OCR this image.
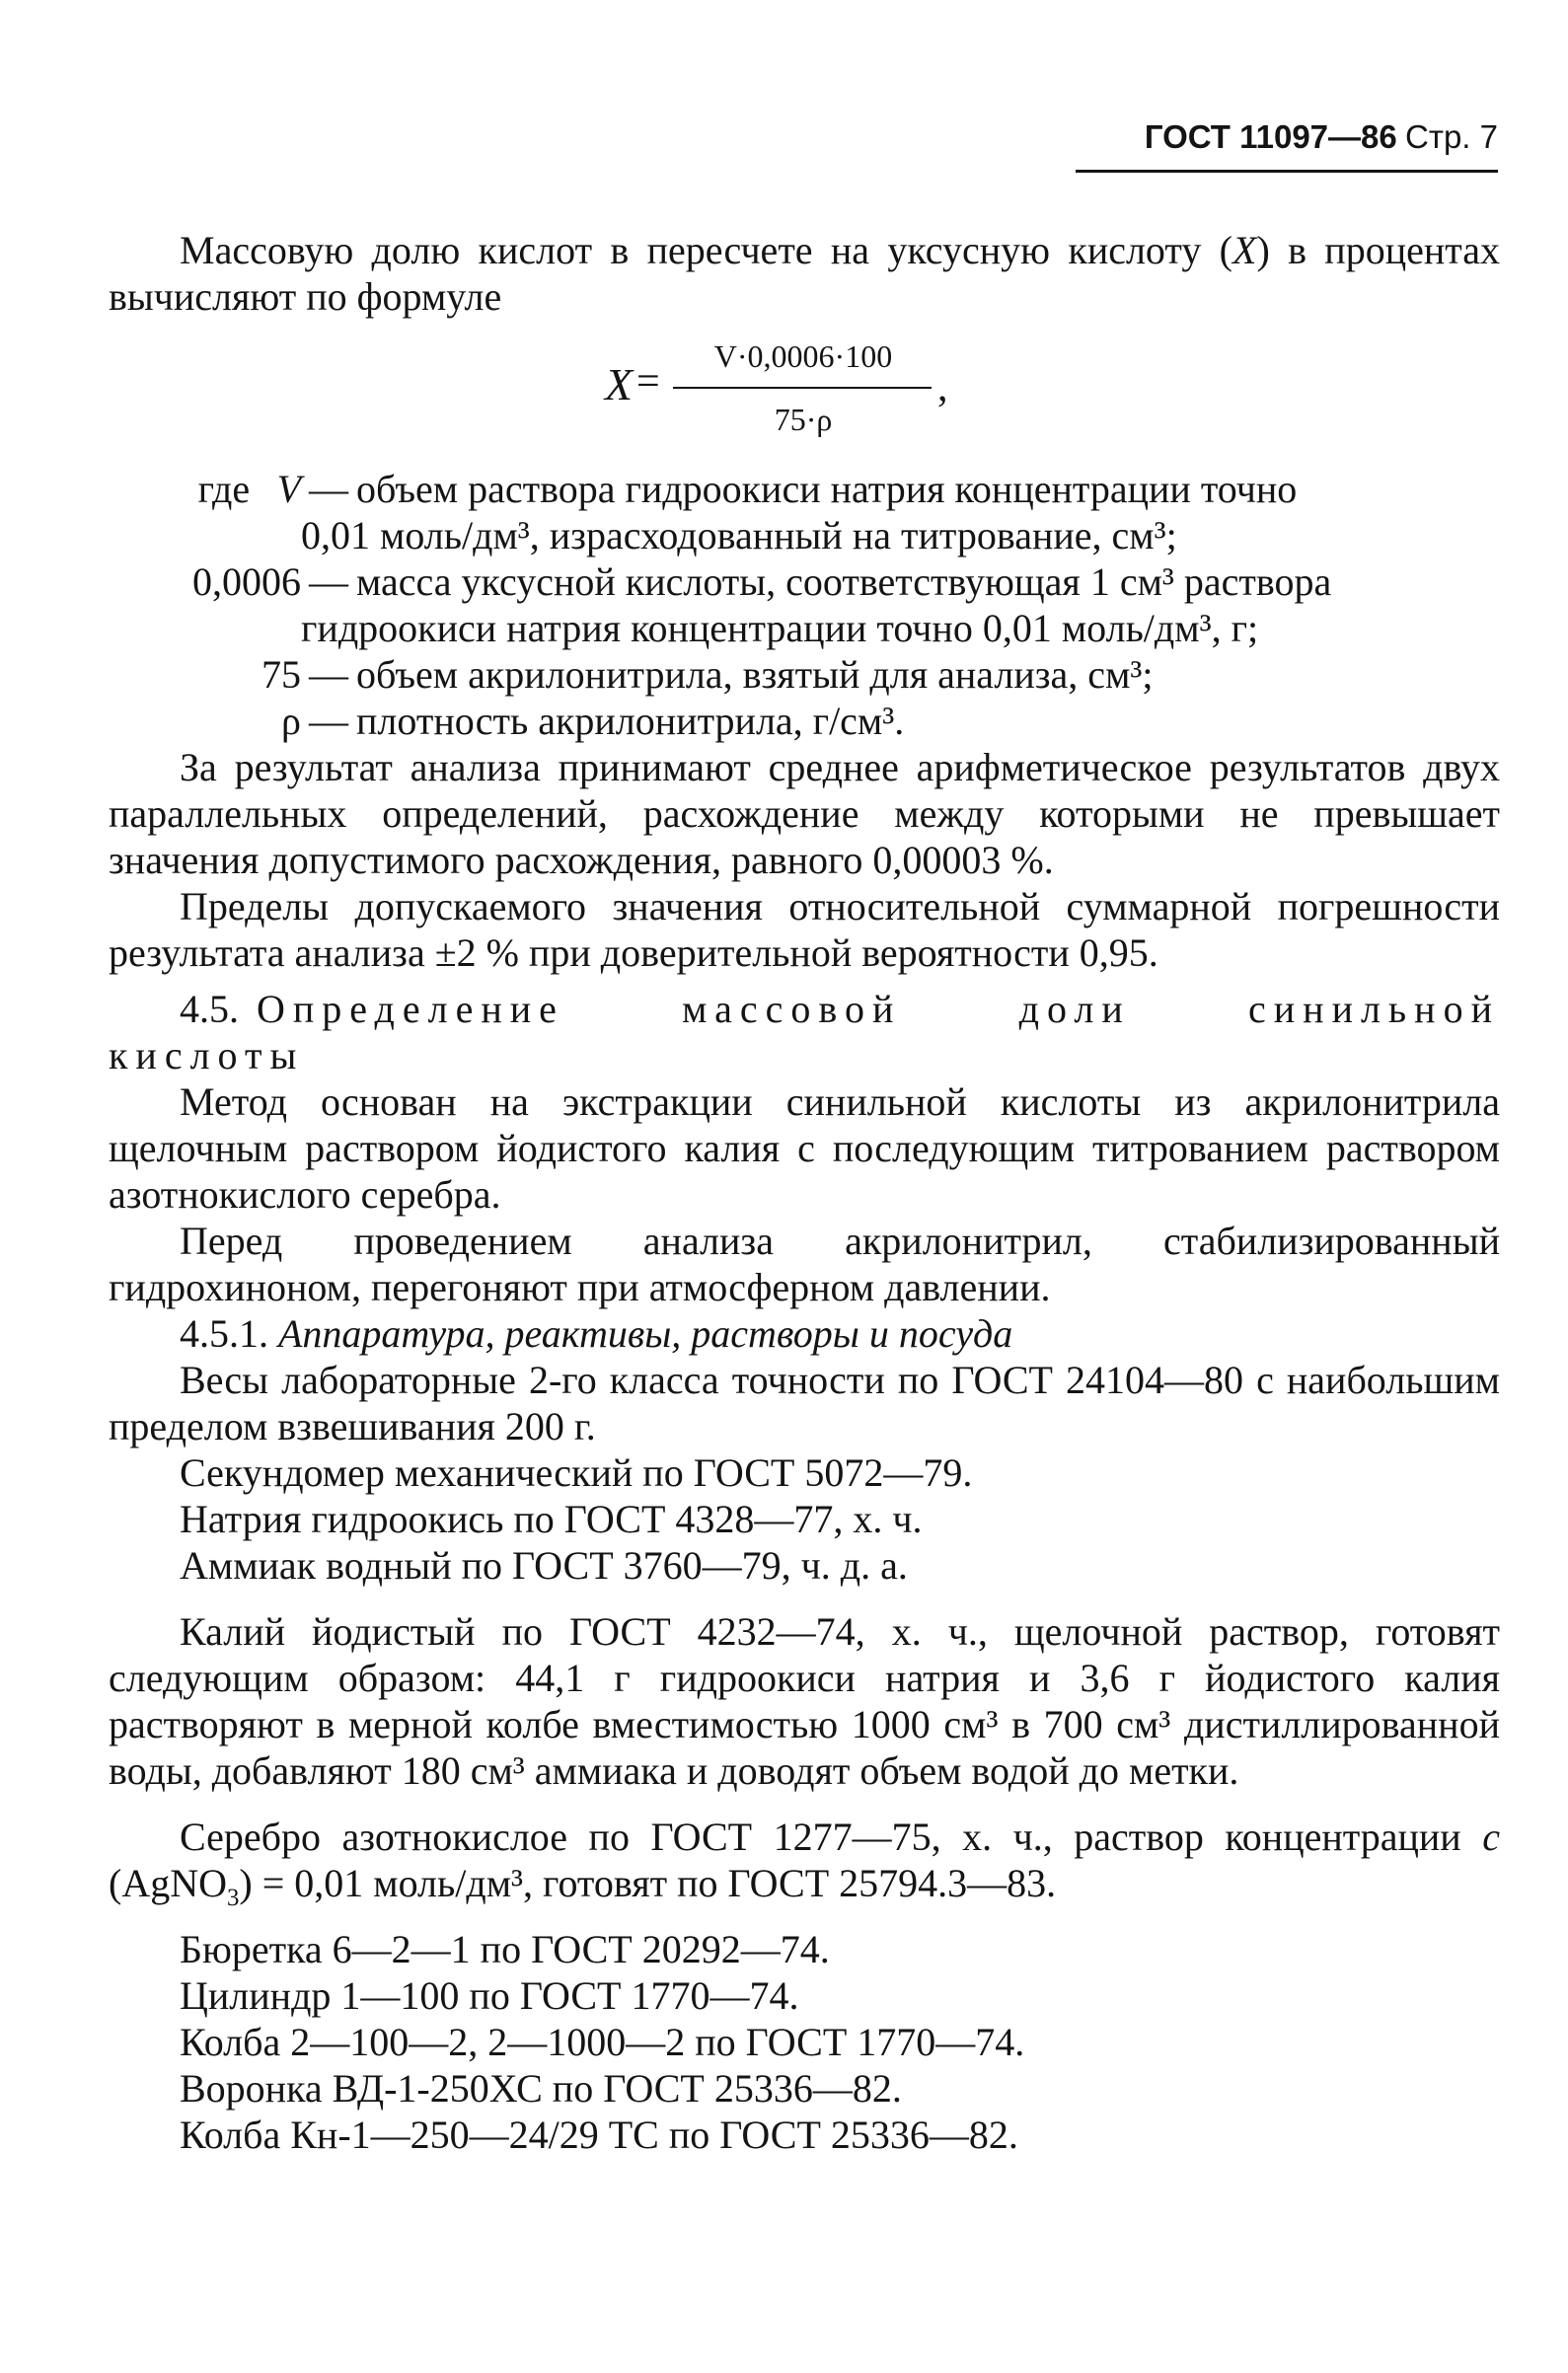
ГОСТ 11097—86 Стр. 7

Массовую долю кислот в пересчете на уксусную кислоту (X) в процентах вычисляют по формуле

X =
V·0,0006·100
75·ρ
,
где V — объем раствора гидроокиси натрия концентрации точно
0,01 моль/дм³, израсходованный на титрование, см³;
0,0006 — масса уксусной кислоты, соответствующая 1 см³ раствора
гидроокиси натрия концентрации точно 0,01 моль/дм³, г;
75 — объем акрилонитрила, взятый для анализа, см³;
ρ — плотность акрилонитрила, г/см³.

За результат анализа принимают среднее арифметическое результатов двух параллельных определений, расхождение между которыми не превышает значения допустимого расхождения, равного 0,00003 %.

Пределы допускаемого значения относительной суммарной погрешности результата анализа ±2 % при доверительной вероятности 0,95.

4.5. Определение	массовой	доли	синильной
кислоты

Метод основан на экстракции синильной кислоты из акрилонитрила щелочным раствором йодистого калия с последующим титрованием раствором азотнокислого серебра.

Перед проведением анализа акрилонитрил, стабилизированный гидрохиноном, перегоняют при атмосферном давлении.

4.5.1. Аппаратура, реактивы, растворы и посуда

Весы лабораторные 2-го класса точности по ГОСТ 24104—80 с наибольшим пределом взвешивания 200 г.

Секундомер механический по ГОСТ 5072—79.

Натрия гидроокись по ГОСТ 4328—77, х. ч.

Аммиак водный по ГОСТ 3760—79, ч. д. а.

Калий йодистый по ГОСТ 4232—74, х. ч., щелочной раствор, готовят следующим образом: 44,1 г гидроокиси натрия и 3,6 г йодистого калия растворяют в мерной колбе вместимостью 1000 см³ в 700 см³ дистиллированной воды, добавляют 180 см³ аммиака и доводят объем водой до метки.

Серебро азотнокислое по ГОСТ 1277—75, х. ч., раствор концентрации c (AgNO$_3$) = 0,01 моль/дм³, готовят по ГОСТ 25794.3—83.

Бюретка 6—2—1 по ГОСТ 20292—74.

Цилиндр 1—100 по ГОСТ 1770—74.

Колба 2—100—2, 2—1000—2 по ГОСТ 1770—74.

Воронка ВД-1-250ХС по ГОСТ 25336—82.

Колба Кн-1—250—24/29 ТС по ГОСТ 25336—82.
